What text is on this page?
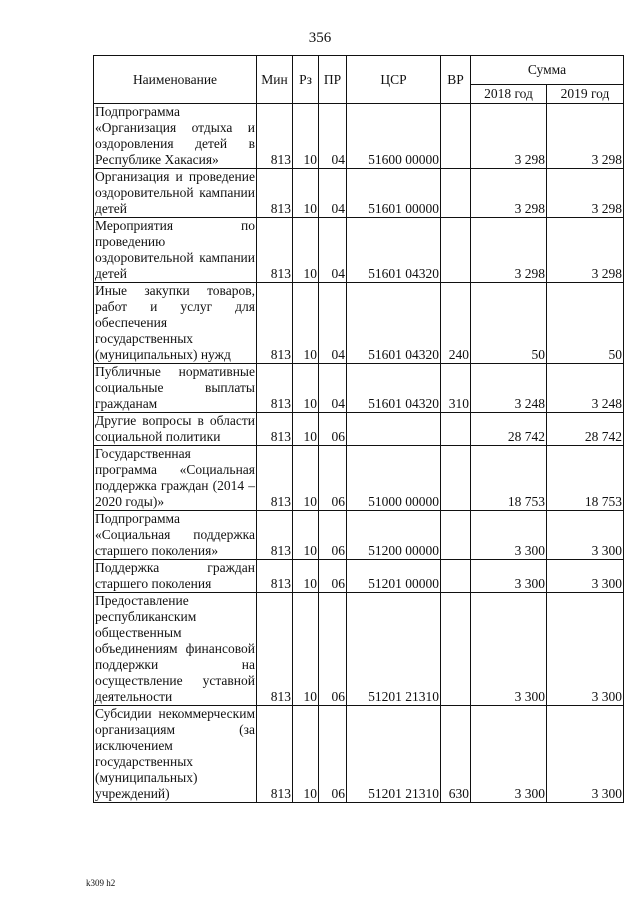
356
Наименование	Мин	Рз	ПР	ЦСР	ВР	Сумма	
						2018 год	2019 год
Подпрограмма «Организация отдыха и оздоровления детей в Республике Хакасия»	813	10	04	51600 00000		3 298	3 298
Организация и проведение оздоровительной кампании детей	813	10	04	51601 00000		3 298	3 298
Мероприятия по проведению оздоровительной кампании детей	813	10	04	51601 04320		3 298	3 298
Иные закупки товаров, работ и услуг для обеспечения государственных (муниципальных) нужд	813	10	04	51601 04320	240	50	50
Публичные нормативные социальные выплаты гражданам	813	10	04	51601 04320	310	3 248	3 248
Другие вопросы в области социальной политики	813	10	06			28 742	28 742
Государственная программа «Социальная поддержка граждан (2014 – 2020 годы)»	813	10	06	51000 00000		18 753	18 753
Подпрограмма «Социальная поддержка старшего поколения»	813	10	06	51200 00000		3 300	3 300
Поддержка граждан старшего поколения	813	10	06	51201 00000		3 300	3 300
Предоставление республиканским общественным объединениям финансовой поддержки на осуществление уставной деятельности	813	10	06	51201 21310		3 300	3 300
Субсидии некоммерческим организациям (за исключением государственных (муниципальных) учреждений)	813	10	06	51201 21310	630	3 300	3 300
k309 h2
